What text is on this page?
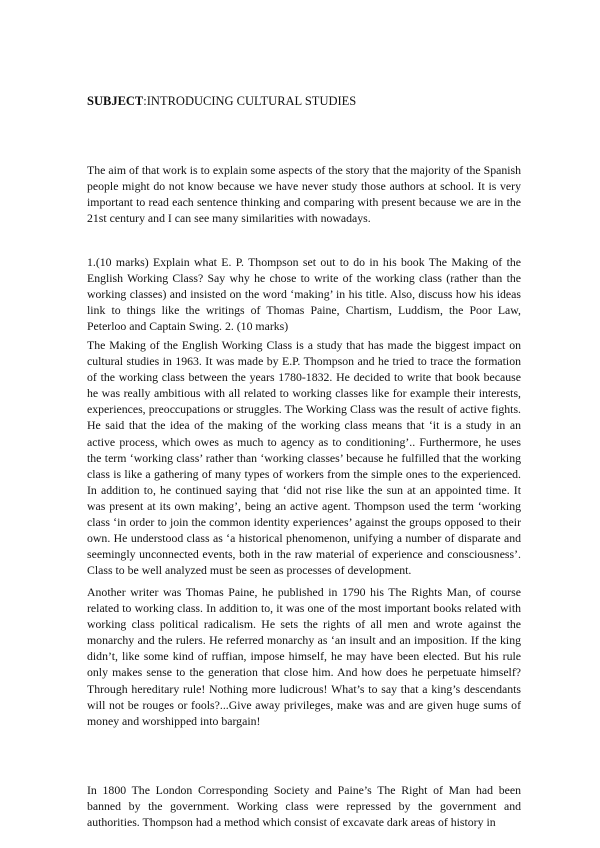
SUBJECT:INTRODUCING CULTURAL STUDIES

The aim of that work is to explain some aspects of the story that the majority of the Spanish people might do not know because we have never study those authors at school. It is very important to read each sentence thinking and comparing with present because we are in the 21st century and I can see many similarities with nowadays.

1.(10 marks) Explain what E. P. Thompson set out to do in his book The Making of the English Working Class? Say why he chose to write of the working class (rather than the working classes) and insisted on the word ‘making’ in his title. Also, discuss how his ideas link to things like the writings of Thomas Paine, Chartism, Luddism, the Poor Law, Peterloo and Captain Swing. 2. (10 marks)

The Making of the English Working Class is a study that has made the biggest impact on cultural studies in 1963. It was made by E.P. Thompson and he tried to trace the formation of the working class between the years 1780-1832. He decided to write that book because he was really ambitious with all related to working classes like for example their interests, experiences, preoccupations or struggles. The Working Class was the result of active fights. He said that the idea of the making of the working class means that ‘it is a study in an active process, which owes as much to agency as to conditioning’.. Furthermore, he uses the term ‘working class’ rather than ‘working classes’ because he fulfilled that the working class is like a gathering of many types of workers from the simple ones to the experienced. In addition to, he continued saying that ‘did not rise like the sun at an appointed time. It was present at its own making’, being an active agent. Thompson used the term ‘working class ‘in order to join the common identity experiences’ against the groups opposed to their own. He understood class as ‘a historical phenomenon, unifying a number of disparate and seemingly unconnected events, both in the raw material of experience and consciousness’. Class to be well analyzed must be seen as processes of development.

Another writer was Thomas Paine, he published in 1790 his The Rights Man, of course related to working class. In addition to, it was one of the most important books related with working class political radicalism. He sets the rights of all men and wrote against the monarchy and the rulers. He referred monarchy as ‘an insult and an imposition. If the king didn’t, like some kind of ruffian, impose himself, he may have been elected. But his rule only makes sense to the generation that close him. And how does he perpetuate himself? Through hereditary rule! Nothing more ludicrous! What’s to say that a king’s descendants will not be rouges or fools?...Give away privileges, make was and are given huge sums of money and worshipped into bargain!

In 1800 The London Corresponding Society and Paine’s The Right of Man had been banned by the government. Working class were repressed by the government and authorities. Thompson had a method which consist of excavate dark areas of history in
